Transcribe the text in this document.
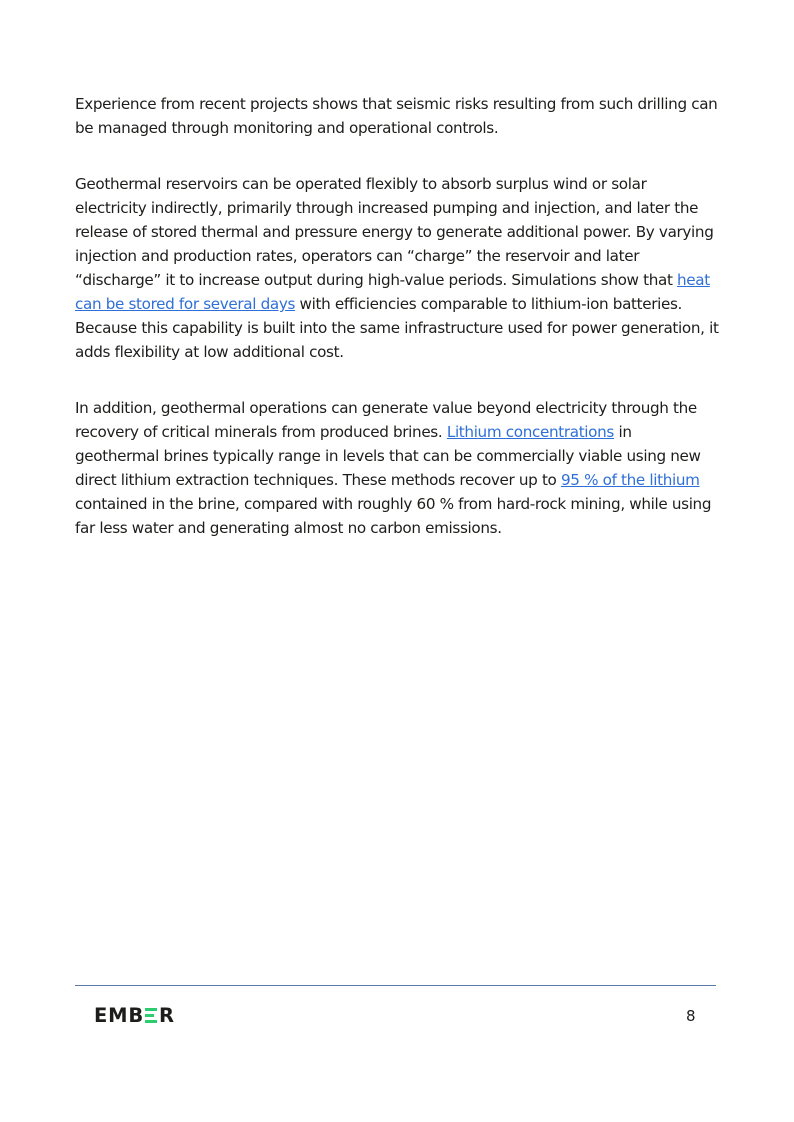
Experience from recent projects shows that seismic risks resulting from such drilling can be managed through monitoring and operational controls.

Geothermal reservoirs can be operated flexibly to absorb surplus wind or solar electricity indirectly, primarily through increased pumping and injection, and later the release of stored thermal and pressure energy to generate additional power. By varying injection and production rates, operators can “charge” the reservoir and later “discharge” it to increase output during high-value periods. Simulations show that heat can be stored for several days with efficiencies comparable to lithium-ion batteries. Because this capability is built into the same infrastructure used for power generation, it adds flexibility at low additional cost.

In addition, geothermal operations can generate value beyond electricity through the recovery of critical minerals from produced brines. Lithium concentrations in geothermal brines typically range in levels that can be commercially viable using new direct lithium extraction techniques. These methods recover up to 95 % of the lithium contained in the brine, compared with roughly 60 % from hard-rock mining, while using far less water and generating almost no carbon emissions.

EMB R	8
